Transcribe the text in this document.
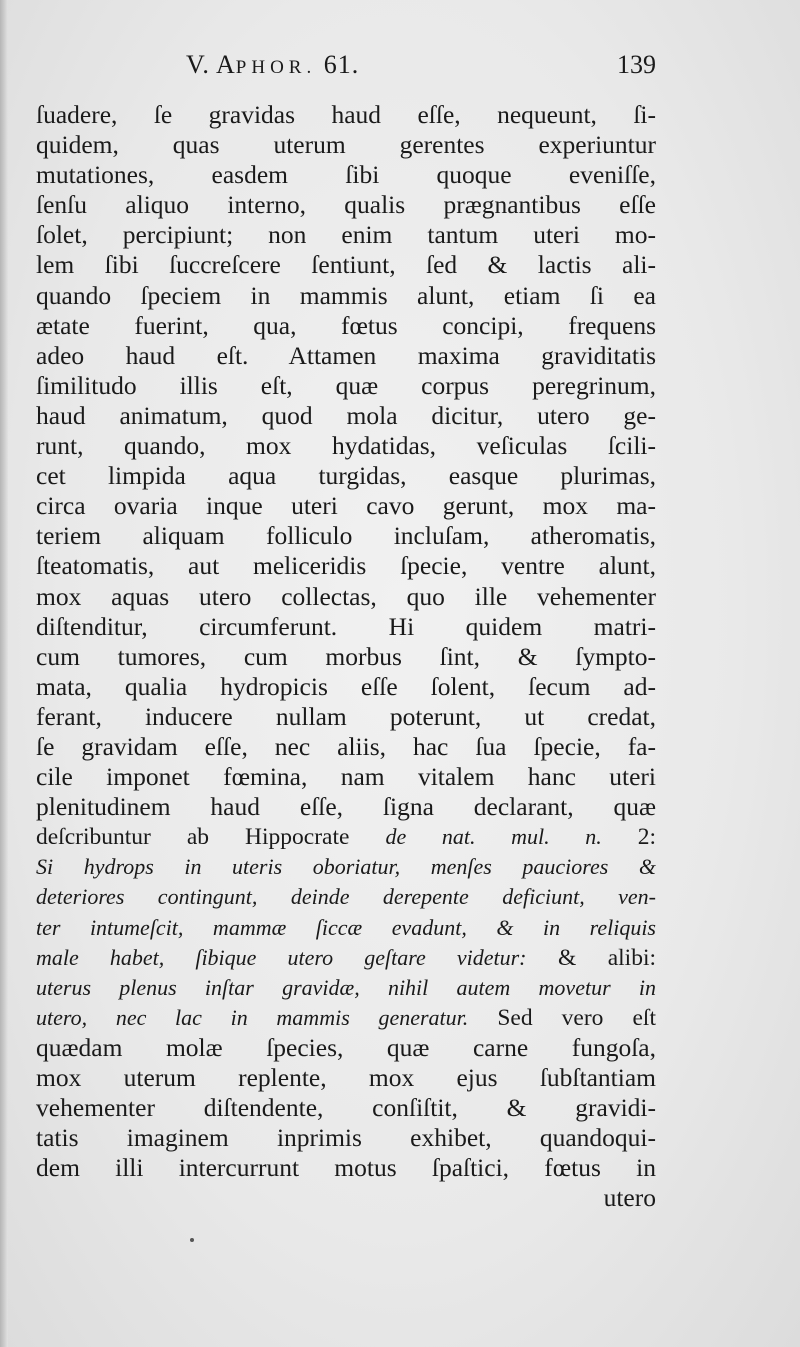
V. APHOR. 61.	139
ſuadere, ſe gravidas haud eſſe, nequeunt, ſi-
quidem, quas uterum gerentes experiuntur
mutationes, easdem ſibi quoque eveniſſe,
ſenſu aliquo interno, qualis prægnantibus eſſe
ſolet, percipiunt; non enim tantum uteri mo-
lem ſibi ſuccreſcere ſentiunt, ſed & lactis ali-
quando ſpeciem in mammis alunt, etiam ſi ea
ætate fuerint, qua, fœtus concipi, frequens
adeo haud eſt. Attamen maxima graviditatis
ſimilitudo illis eſt, quæ corpus peregrinum,
haud animatum, quod mola dicitur, utero ge-
runt, quando, mox hydatidas, veſiculas ſcili-
cet limpida aqua turgidas, easque plurimas,
circa ovaria inque uteri cavo gerunt, mox ma-
teriem aliquam folliculo incluſam, atheromatis,
ſteatomatis, aut meliceridis ſpecie, ventre alunt,
mox aquas utero collectas, quo ille vehementer
diſtenditur, circumferunt. Hi quidem matri-
cum tumores, cum morbus ſint, & ſympto-
mata, qualia hydropicis eſſe ſolent, ſecum ad-
ferant, inducere nullam poterunt, ut credat,
ſe gravidam eſſe, nec aliis, hac ſua ſpecie, fa-
cile imponet fœmina, nam vitalem hanc uteri
plenitudinem haud eſſe, ſigna declarant, quæ
deſcribuntur ab Hippocrate de nat. mul. n. 2:
Si hydrops in uteris oboriatur, menſes pauciores &
deteriores contingunt, deinde derepente deficiunt, ven-
ter intumeſcit, mammæ ſiccæ evadunt, & in reliquis
male habet, ſibique utero geſtare videtur: & alibi:
uterus plenus inſtar gravidæ, nihil autem movetur in
utero, nec lac in mammis generatur. Sed vero eſt
quædam molæ ſpecies, quæ carne fungoſa,
mox uterum replente, mox ejus ſubſtantiam
vehementer diſtendente, conſiſtit, & gravidi-
tatis imaginem inprimis exhibet, quandoqui-
dem illi intercurrunt motus ſpaſtici, fœtus in
utero
